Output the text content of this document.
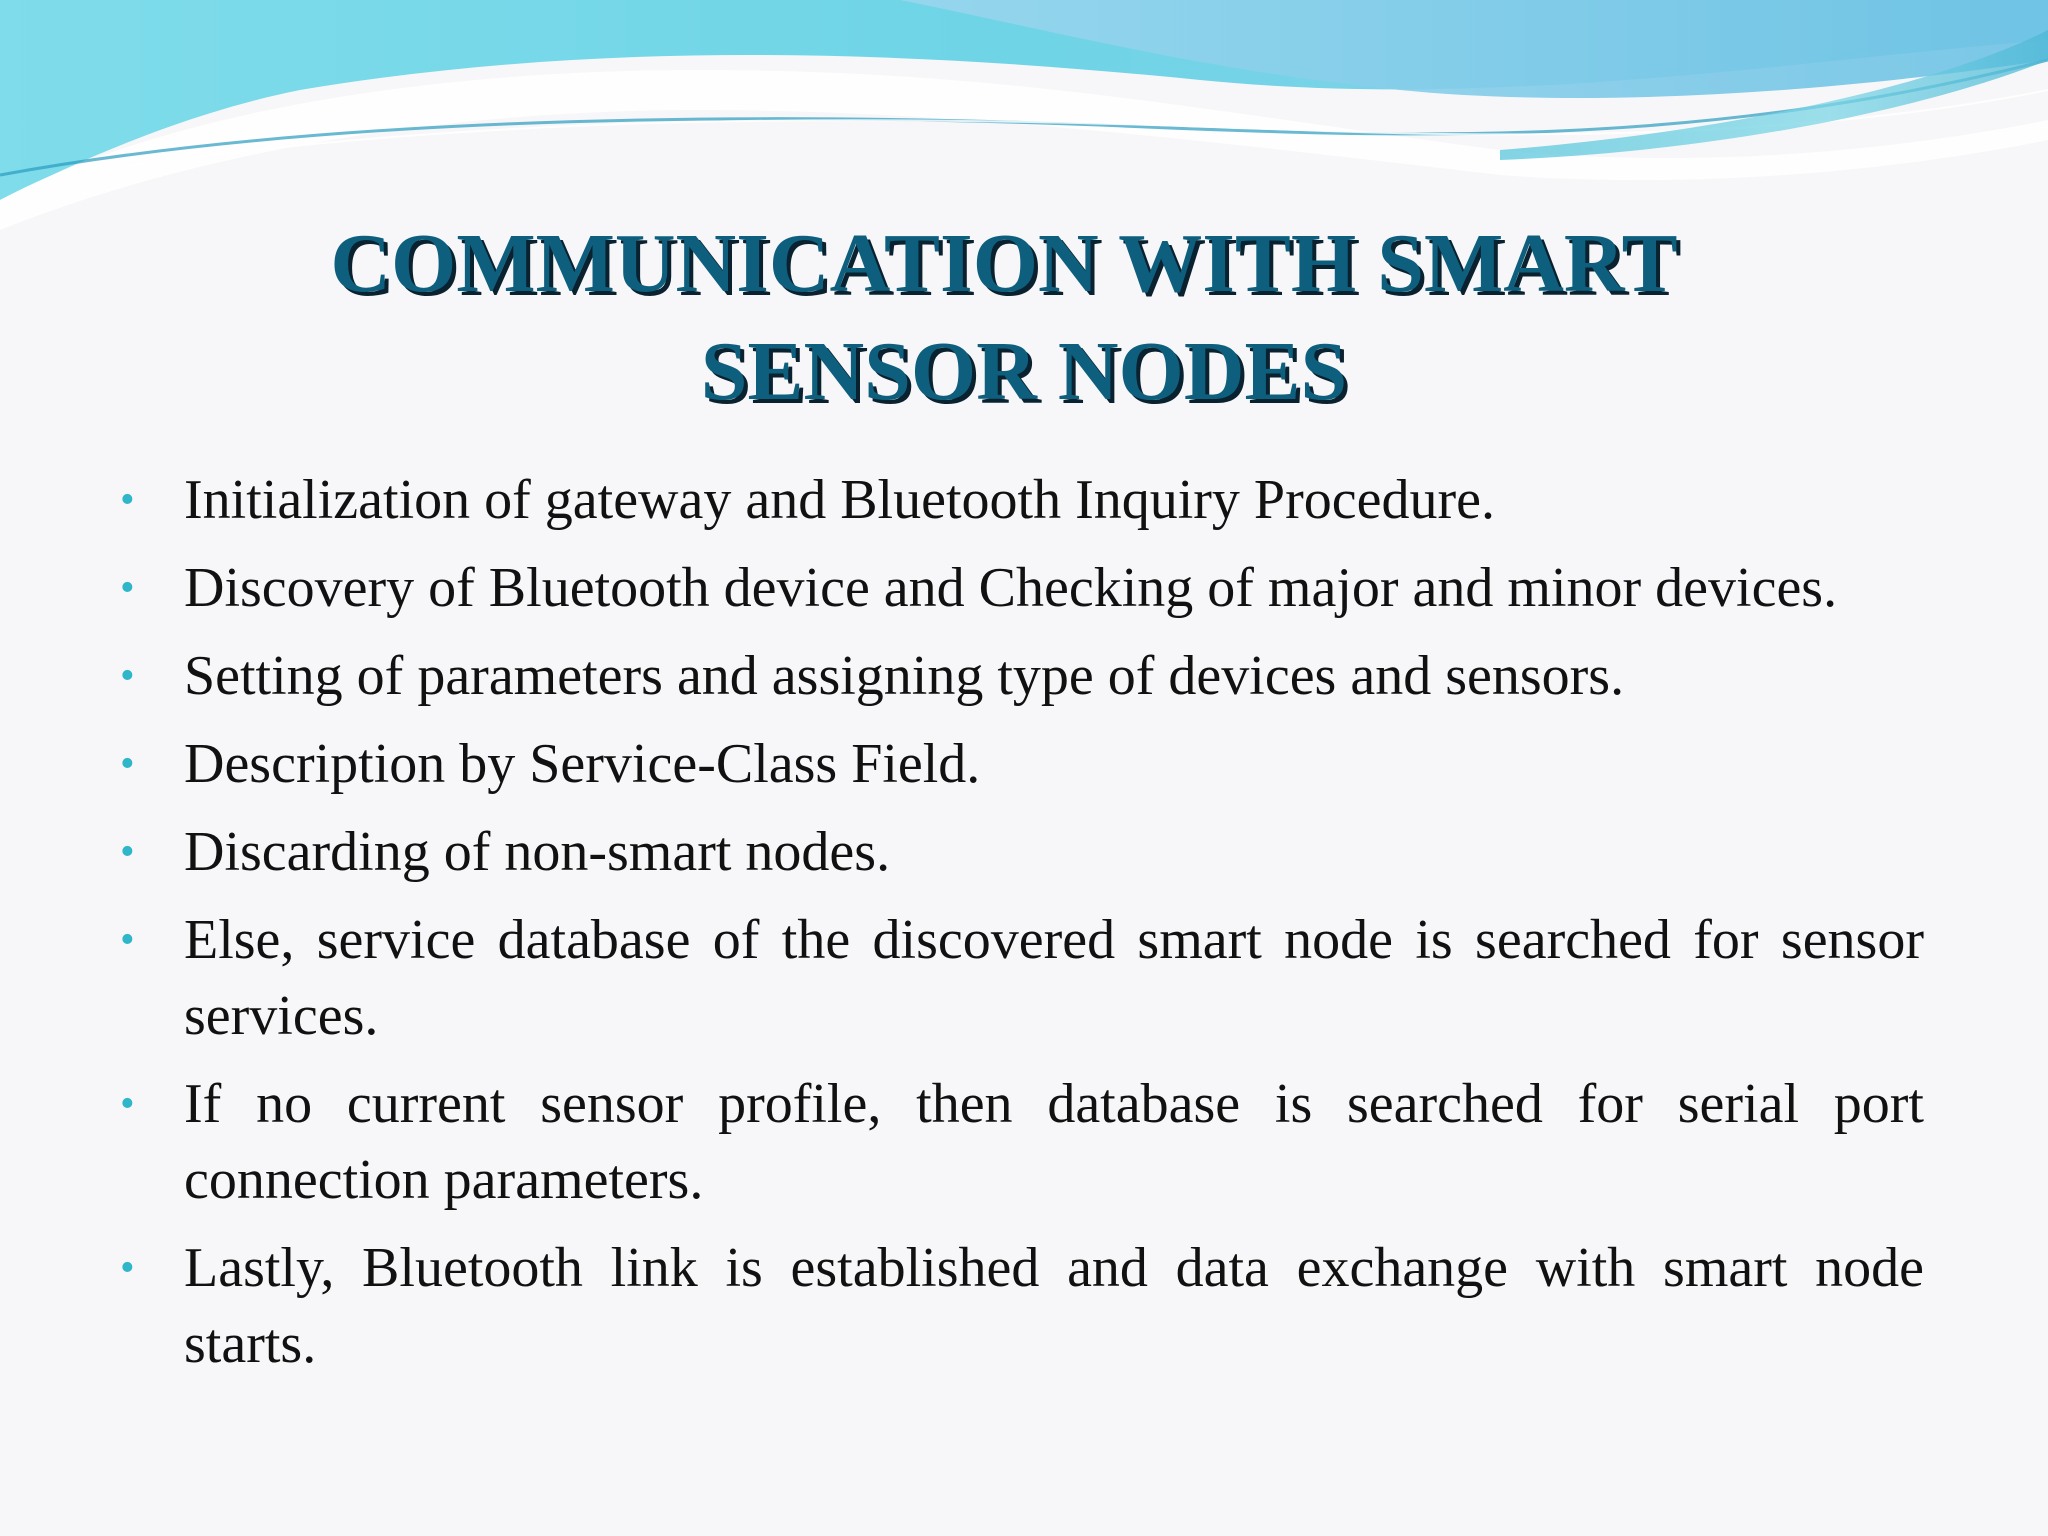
COMMUNICATION WITH SMART
SENSOR NODES
• Initialization of gateway and Bluetooth Inquiry Procedure.
• Discovery of Bluetooth device and Checking of major and minor devices.
• Setting of parameters and assigning type of devices and sensors.
• Description by Service-Class Field.
• Discarding of non-smart nodes.
• Else, service database of the discovered smart node is searched for sensor services.
• If no current sensor profile, then database is searched for serial port connection parameters.
• Lastly, Bluetooth link is established and data exchange with smart node starts.
